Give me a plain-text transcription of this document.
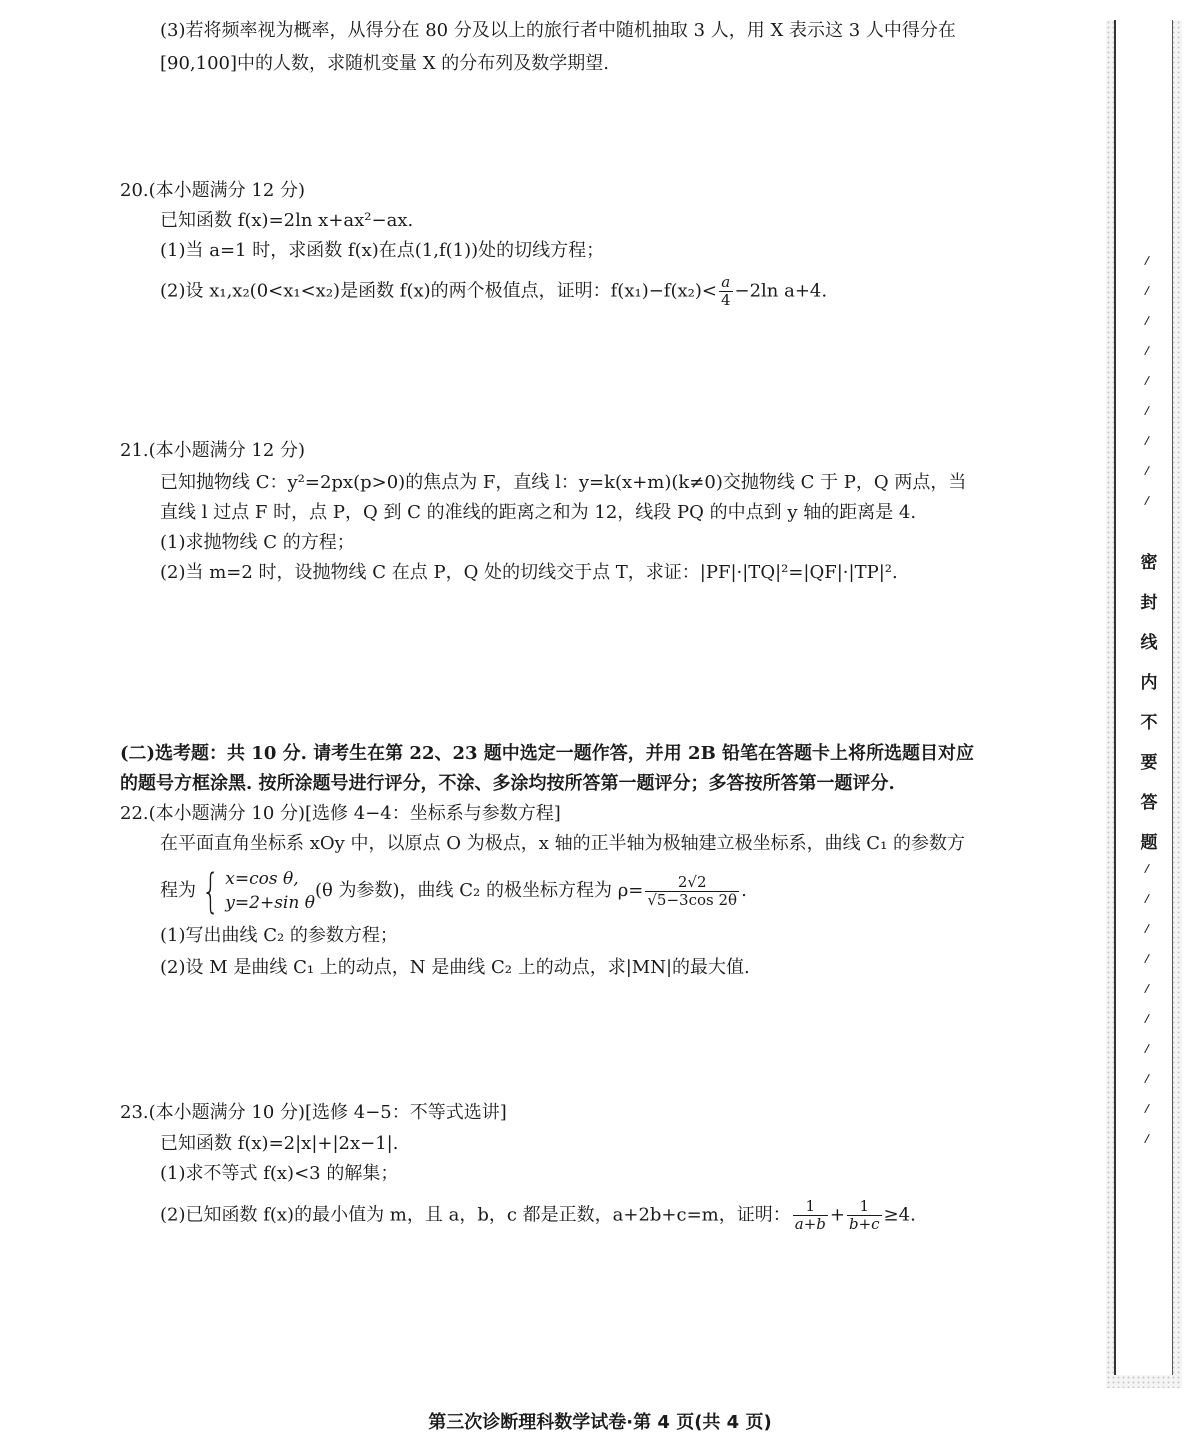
(3)若将频率视为概率，从得分在 80 分及以上的旅行者中随机抽取 3 人，用 X 表示这 3 人中得分在
[90,100]中的人数，求随机变量 X 的分布列及数学期望.
20.(本小题满分 12 分)
已知函数 f(x)=2ln x+ax²−ax.
(1)当 a=1 时，求函数 f(x)在点(1,f(1))处的切线方程；
(2)设 x₁,x₂(0<x₁<x₂)是函数 f(x)的两个极值点，证明：$f(x_1)-f(x_2)< \frac{a}{4} -2\ln$ a+4.
21.(本小题满分 12 分)
已知抛物线 C：y²=2px(p>0)的焦点为 F，直线 l：y=k(x+m)(k≠0)交抛物线 C 于 P，Q 两点，当
直线 l 过点 F 时，点 P，Q 到 C 的准线的距离之和为 12，线段 PQ 的中点到 y 轴的距离是 4.
(1)求抛物线 C 的方程；
(2)当 m=2 时，设抛物线 C 在点 P，Q 处的切线交于点 T，求证：|PF|·|TQ|²=|QF|·|TP|².
(二)选考题：共 10 分. 请考生在第 22、23 题中选定一题作答，并用 2B 铅笔在答题卡上将所选题目对应
的题号方框涂黑. 按所涂题号进行评分，不涂、多涂均按所答第一题评分；多答按所答第一题评分.
22.(本小题满分 10 分)[选修 4−4：坐标系与参数方程]
在平面直角坐标系 xOy 中，以原点 O 为极点，x 轴的正半轴为极轴建立极坐标系，曲线 C₁ 的参数方
程为 { x=cos θ,
y=2+sin θ
(θ 为参数)，曲线 C₂ 的极坐标方程为 $\rho= \frac{2√2}{√5-3\cos 2\theta}$ .
(1)写出曲线 C₂ 的参数方程；
(2)设 M 是曲线 C₁ 上的动点，N 是曲线 C₂ 上的动点，求|MN|的最大值.
23.(本小题满分 10 分)[选修 4−5：不等式选讲]
已知函数 f(x)=2|x|+|2x−1|.
(1)求不等式 f(x)<3 的解集；
(2)已知函数 f(x)的最小值为 m，且 a，b，c 都是正数，a+2b+c=m，证明： $\frac{1}{a+b} + \frac{1}{b+c} \ge 4$.
密
封
线
内
不
要
答
题
第三次诊断理科数学试卷·第 4 页(共 4 页)
